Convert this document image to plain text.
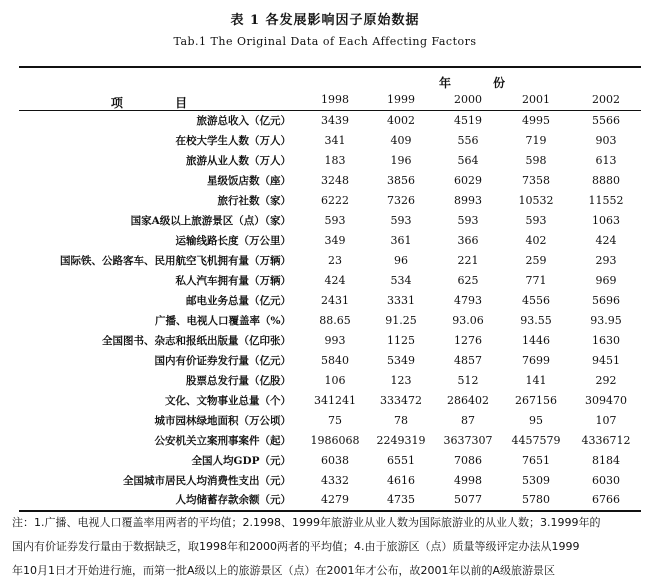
表 1 各发展影响因子原始数据
Tab.1 The Original Data of Each Affecting Factors
项 目	年 份				

	1998	1999	2000	2001	2002
旅游总收入（亿元）	3439	4002	4519	4995	5566
在校大学生人数（万人）	341	409	556	719	903
旅游从业人数（万人）	183	196	564	598	613
星级饭店数（座）	3248	3856	6029	7358	8880
旅行社数（家）	6222	7326	8993	10532	11552
国家A级以上旅游景区（点）（家）	593	593	593	593	1063
运输线路长度（万公里）	349	361	366	402	424
国际铁、公路客车、民用航空飞机拥有量（万辆）	23	96	221	259	293
私人汽车拥有量（万辆）	424	534	625	771	969
邮电业务总量（亿元）	2431	3331	4793	4556	5696
广播、电视人口覆盖率（%）	88.65	91.25	93.06	93.55	93.95
全国图书、杂志和报纸出版量（亿印张）	993	1125	1276	1446	1630
国内有价证券发行量（亿元）	5840	5349	4857	7699	9451
股票总发行量（亿股）	106	123	512	141	292
文化、文物事业总量（个）	341241	333472	286402	267156	309470
城市园林绿地面积（万公顷）	75	78	87	95	107
公安机关立案刑事案件（起）	1986068	2249319	3637307	4457579	4336712
全国人均GDP（元）	6038	6551	7086	7651	8184
全国城市居民人均消费性支出（元）	4332	4616	4998	5309	6030
人均储蓄存款余额（元）	4279	4735	5077	5780	6766
注：1.广播、电视人口覆盖率用两者的平均值；2.1998、1999年旅游业从业人数为国际旅游业的从业人数；3.1999年的
国内有价证券发行量由于数据缺乏，取1998年和2000两者的平均值；4.由于旅游区（点）质量等级评定办法从1999
年10月1日才开始进行施，而第一批A级以上的旅游景区（点）在2001年才公布，故2001年以前的A级旅游景区
